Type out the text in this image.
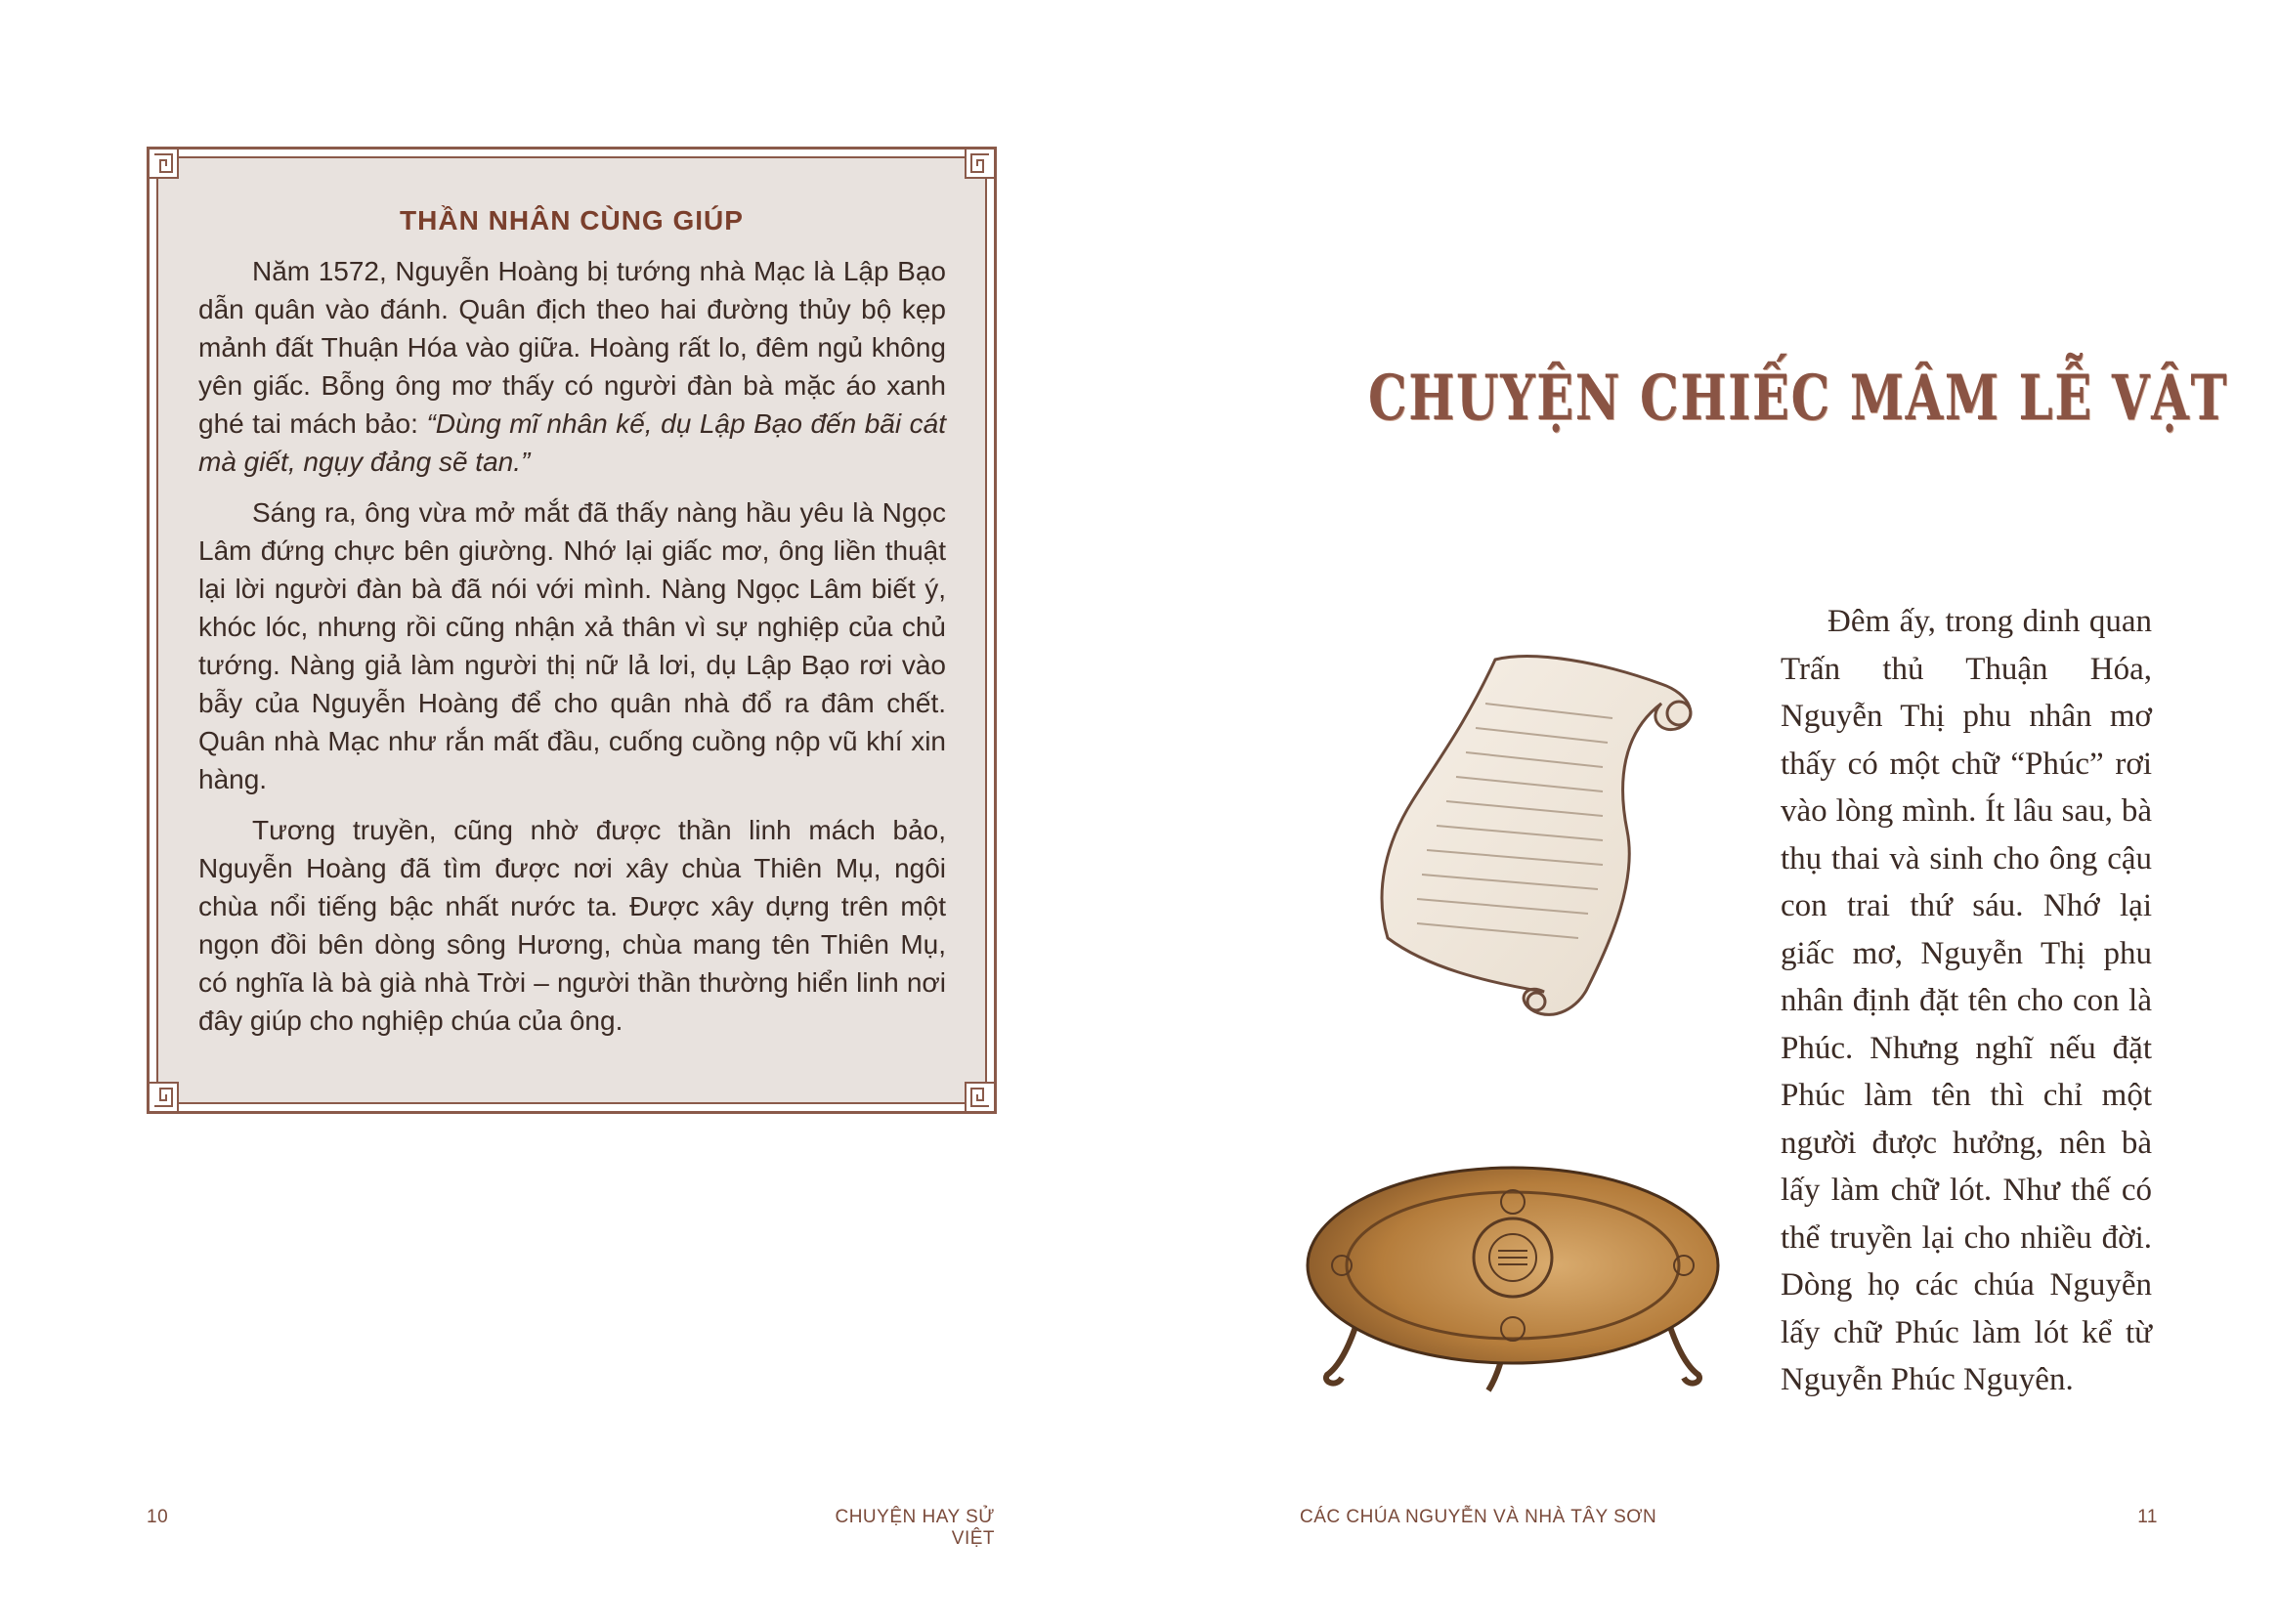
THẦN NHÂN CÙNG GIÚP

Năm 1572, Nguyễn Hoàng bị tướng nhà Mạc là Lập Bạo dẫn quân vào đánh. Quân địch theo hai đường thủy bộ kẹp mảnh đất Thuận Hóa vào giữa. Hoàng rất lo, đêm ngủ không yên giấc. Bỗng ông mơ thấy có người đàn bà mặc áo xanh ghé tai mách bảo: “Dùng mĩ nhân kế, dụ Lập Bạo đến bãi cát mà giết, ngụy đảng sẽ tan.”

Sáng ra, ông vừa mở mắt đã thấy nàng hầu yêu là Ngọc Lâm đứng chực bên giường. Nhớ lại giấc mơ, ông liền thuật lại lời người đàn bà đã nói với mình. Nàng Ngọc Lâm biết ý, khóc lóc, nhưng rồi cũng nhận xả thân vì sự nghiệp của chủ tướng. Nàng giả làm người thị nữ lả lơi, dụ Lập Bạo rơi vào bẫy của Nguyễn Hoàng để cho quân nhà đổ ra đâm chết. Quân nhà Mạc như rắn mất đầu, cuống cuồng nộp vũ khí xin hàng.

Tương truyền, cũng nhờ được thần linh mách bảo, Nguyễn Hoàng đã tìm được nơi xây chùa Thiên Mụ, ngôi chùa nổi tiếng bậc nhất nước ta. Được xây dựng trên một ngọn đồi bên dòng sông Hương, chùa mang tên Thiên Mụ, có nghĩa là bà già nhà Trời – người thần thường hiển linh nơi đây giúp cho nghiệp chúa của ông.

10	CHUYỆN HAY SỬ VIỆT
CHUYỆN CHIẾC MÂM LỄ VẬT

Đêm ấy, trong dinh quan Trấn thủ Thuận Hóa, Nguyễn Thị phu nhân mơ thấy có một chữ “Phúc” rơi vào lòng mình. Ít lâu sau, bà thụ thai và sinh cho ông cậu con trai thứ sáu. Nhớ lại giấc mơ, Nguyễn Thị phu nhân định đặt tên cho con là Phúc. Nhưng nghĩ nếu đặt Phúc làm tên thì chỉ một người được hưởng, nên bà lấy làm chữ lót. Như thế có thể truyền lại cho nhiều đời. Dòng họ các chúa Nguyễn lấy chữ Phúc làm lót kể từ Nguyễn Phúc Nguyên.

CÁC CHÚA NGUYỄN VÀ NHÀ TÂY SƠN	11
